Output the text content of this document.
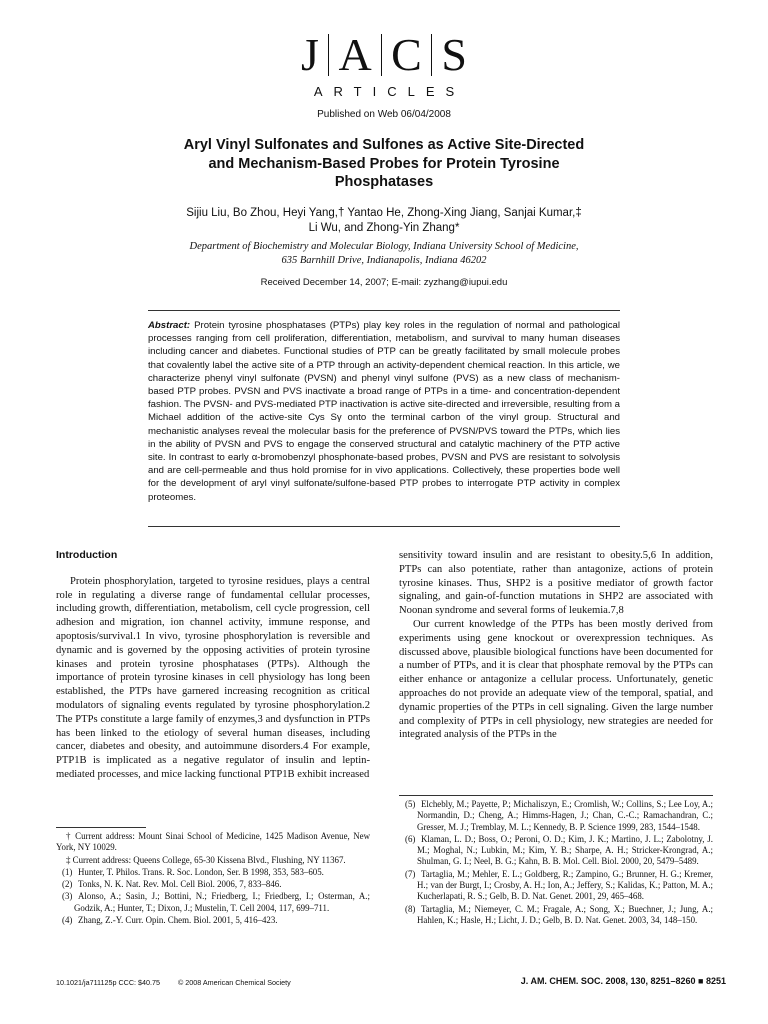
J A C S
ARTICLES
Published on Web 06/04/2008
Aryl Vinyl Sulfonates and Sulfones as Active Site-Directed
and Mechanism-Based Probes for Protein Tyrosine
Phosphatases
Sijiu Liu, Bo Zhou, Heyi Yang,† Yantao He, Zhong-Xing Jiang, Sanjai Kumar,‡
Li Wu, and Zhong-Yin Zhang*
Department of Biochemistry and Molecular Biology, Indiana University School of Medicine,
635 Barnhill Drive, Indianapolis, Indiana 46202
Received December 14, 2007; E-mail: zyzhang@iupui.edu
Abstract: Protein tyrosine phosphatases (PTPs) play key roles in the regulation of normal and pathological processes ranging from cell proliferation, differentiation, metabolism, and survival to many human diseases including cancer and diabetes. Functional studies of PTP can be greatly facilitated by small molecule probes that covalently label the active site of a PTP through an activity-dependent chemical reaction. In this article, we characterize phenyl vinyl sulfonate (PVSN) and phenyl vinyl sulfone (PVS) as a new class of mechanism-based PTP probes. PVSN and PVS inactivate a broad range of PTPs in a time- and concentration-dependent fashion. The PVSN- and PVS-mediated PTP inactivation is active site-directed and irreversible, resulting from a Michael addition of the active-site Cys Sγ onto the terminal carbon of the vinyl group. Structural and mechanistic analyses reveal the molecular basis for the preference of PVSN/PVS toward the PTPs, which lies in the ability of PVSN and PVS to engage the conserved structural and catalytic machinery of the PTP active site. In contrast to early α-bromobenzyl phosphonate-based probes, PVSN and PVS are resistant to solvolysis and are cell-permeable and thus hold promise for in vivo applications. Collectively, these properties bode well for the development of aryl vinyl sulfonate/sulfone-based PTP probes to interrogate PTP activity in complex proteomes.
Introduction

Protein phosphorylation, targeted to tyrosine residues, plays a central role in regulating a diverse range of fundamental cellular processes, including growth, differentiation, metabolism, cell cycle progression, cell adhesion and migration, ion channel activity, immune response, and apoptosis/survival.1 In vivo, tyrosine phosphorylation is reversible and dynamic and is governed by the opposing activities of protein tyrosine kinases and protein tyrosine phosphatases (PTPs). Although the importance of protein tyrosine kinases in cell physiology has long been established, the PTPs have garnered increasing recognition as critical modulators of signaling events regulated by tyrosine phosphorylation.2 The PTPs constitute a large family of enzymes,3 and dysfunction in PTPs has been linked to the etiology of several human diseases, including cancer, diabetes and obesity, and autoimmune disorders.4 For example, PTP1B is implicated as a negative regulator of insulin and leptin-mediated processes, and mice lacking functional PTP1B exhibit increased

† Current address: Mount Sinai School of Medicine, 1425 Madison Avenue, New York, NY 10029.
‡ Current address: Queens College, 65-30 Kissena Blvd., Flushing, NY 11367.
(1) Hunter, T. Philos. Trans. R. Soc. London, Ser. B 1998, 353, 583–605.
(2) Tonks, N. K. Nat. Rev. Mol. Cell Biol. 2006, 7, 833–846.
(3) Alonso, A.; Sasin, J.; Bottini, N.; Friedberg, I.; Friedberg, I.; Osterman, A.; Godzik, A.; Hunter, T.; Dixon, J.; Mustelin, T. Cell 2004, 117, 699–711.
(4) Zhang, Z.-Y. Curr. Opin. Chem. Biol. 2001, 5, 416–423.

sensitivity toward insulin and are resistant to obesity.5,6 In addition, PTPs can also potentiate, rather than antagonize, actions of protein tyrosine kinases. Thus, SHP2 is a positive mediator of growth factor signaling, and gain-of-function mutations in SHP2 are associated with Noonan syndrome and several forms of leukemia.7,8

Our current knowledge of the PTPs has been mostly derived from experiments using gene knockout or overexpression techniques. As discussed above, plausible biological functions have been documented for a number of PTPs, and it is clear that phosphate removal by the PTPs can either enhance or antagonize a cellular process. Unfortunately, genetic approaches do not provide an adequate view of the temporal, spatial, and dynamic properties of the PTPs in cell signaling. Given the large number and complexity of PTPs in cell physiology, new strategies are needed for integrated analysis of the PTPs in the

(5) Elchebly, M.; Payette, P.; Michaliszyn, E.; Cromlish, W.; Collins, S.; Lee Loy, A.; Normandin, D.; Cheng, A.; Himms-Hagen, J.; Chan, C.-C.; Ramachandran, C.; Gresser, M. J.; Tremblay, M. L.; Kennedy, B. P. Science 1999, 283, 1544–1548.
(6) Klaman, L. D.; Boss, O.; Peroni, O. D.; Kim, J. K.; Martino, J. L.; Zabolotny, J. M.; Moghal, N.; Lubkin, M.; Kim, Y. B.; Sharpe, A. H.; Stricker-Krongrad, A.; Shulman, G. I.; Neel, B. G.; Kahn, B. B. Mol. Cell. Biol. 2000, 20, 5479–5489.
(7) Tartaglia, M.; Mehler, E. L.; Goldberg, R.; Zampino, G.; Brunner, H. G.; Kremer, H.; van der Burgt, I.; Crosby, A. H.; Ion, A.; Jeffery, S.; Kalidas, K.; Patton, M. A.; Kucherlapati, R. S.; Gelb, B. D. Nat. Genet. 2001, 29, 465–468.
(8) Tartaglia, M.; Niemeyer, C. M.; Fragale, A.; Song, X.; Buechner, J.; Jung, A.; Hahlen, K.; Hasle, H.; Licht, J. D.; Gelb, B. D. Nat. Genet. 2003, 34, 148–150.
10.1021/ja711125p CCC: $40.75 © 2008 American Chemical Society	J. AM. CHEM. SOC. 2008, 130, 8251–8260 ■ 8251
